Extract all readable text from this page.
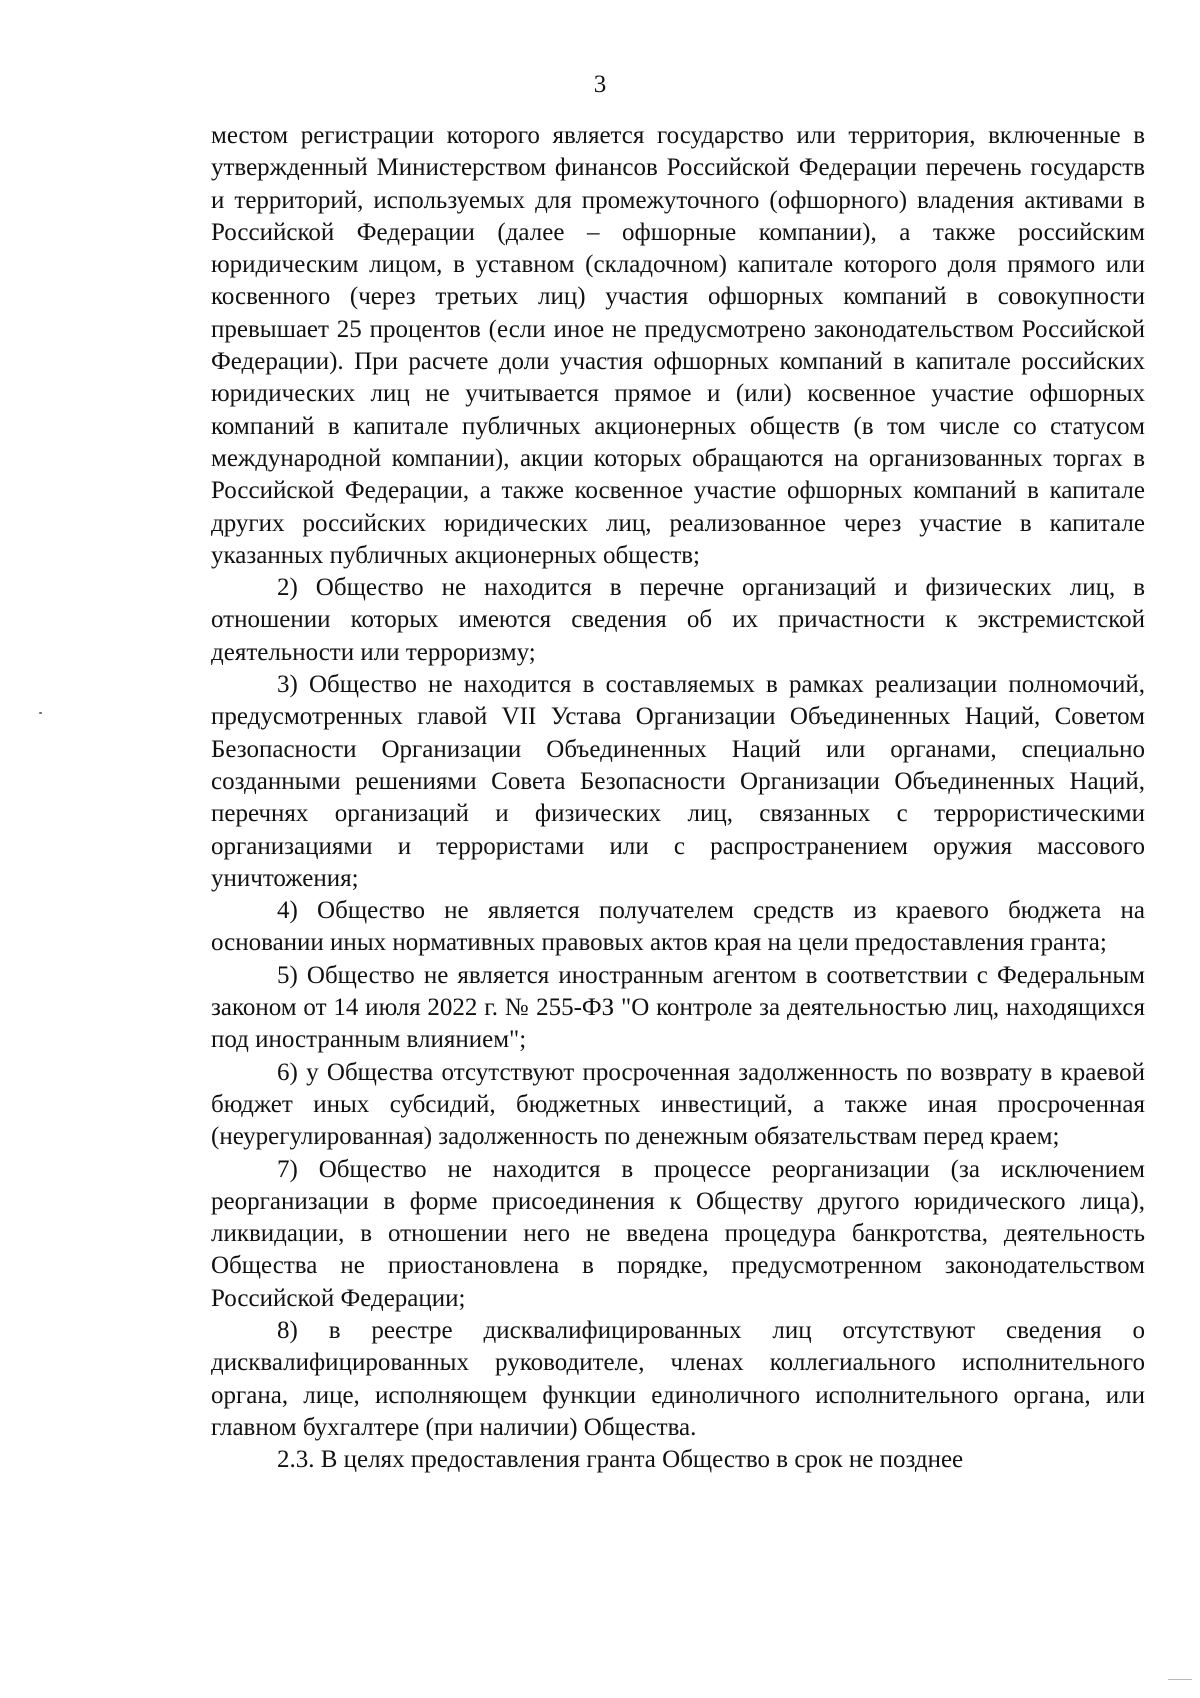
3

местом регистрации которого является государство или территория, включенные в утвержденный Министерством финансов Российской Федерации перечень государств и территорий, используемых для промежуточного (офшорного) владения активами в Российской Федерации (далее – офшорные компании), а также российским юридическим лицом, в уставном (складочном) капитале которого доля прямого или косвенного (через третьих лиц) участия офшорных компаний в совокупности превышает 25 процентов (если иное не предусмотрено законодательством Российской Федерации). При расчете доли участия офшорных компаний в капитале российских юридических лиц не учитывается прямое и (или) косвенное участие офшорных компаний в капитале публичных акционерных обществ (в том числе со статусом международной компании), акции которых обращаются на организованных торгах в Российской Федерации, а также косвенное участие офшорных компаний в капитале других российских юридических лиц, реализованное через участие в капитале указанных публичных акционерных обществ;

2) Общество не находится в перечне организаций и физических лиц, в отношении которых имеются сведения об их причастности к экстремистской деятельности или терроризму;

3) Общество не находится в составляемых в рамках реализации полномочий, предусмотренных главой VII Устава Организации Объединенных Наций, Советом Безопасности Организации Объединенных Наций или органами, специально созданными решениями Совета Безопасности Организации Объединенных Наций, перечнях организаций и физических лиц, связанных с террористическими организациями и террористами или с распространением оружия массового уничтожения;

4) Общество не является получателем средств из краевого бюджета на основании иных нормативных правовых актов края на цели предоставления гранта;

5) Общество не является иностранным агентом в соответствии с Федеральным законом от 14 июля 2022 г. № 255-ФЗ "О контроле за деятельностью лиц, находящихся под иностранным влиянием";

6) у Общества отсутствуют просроченная задолженность по возврату в краевой бюджет иных субсидий, бюджетных инвестиций, а также иная просроченная (неурегулированная) задолженность по денежным обязательствам перед краем;

7) Общество не находится в процессе реорганизации (за исключением реорганизации в форме присоединения к Обществу другого юридического лица), ликвидации, в отношении него не введена процедура банкротства, деятельность Общества не приостановлена в порядке, предусмотренном законодательством Российской Федерации;

8) в реестре дисквалифицированных лиц отсутствуют сведения о дисквалифицированных руководителе, членах коллегиального исполнительного органа, лице, исполняющем функции единоличного исполнительного органа, или главном бухгалтере (при наличии) Общества.

2.3. В целях предоставления гранта Общество в срок не позднее
